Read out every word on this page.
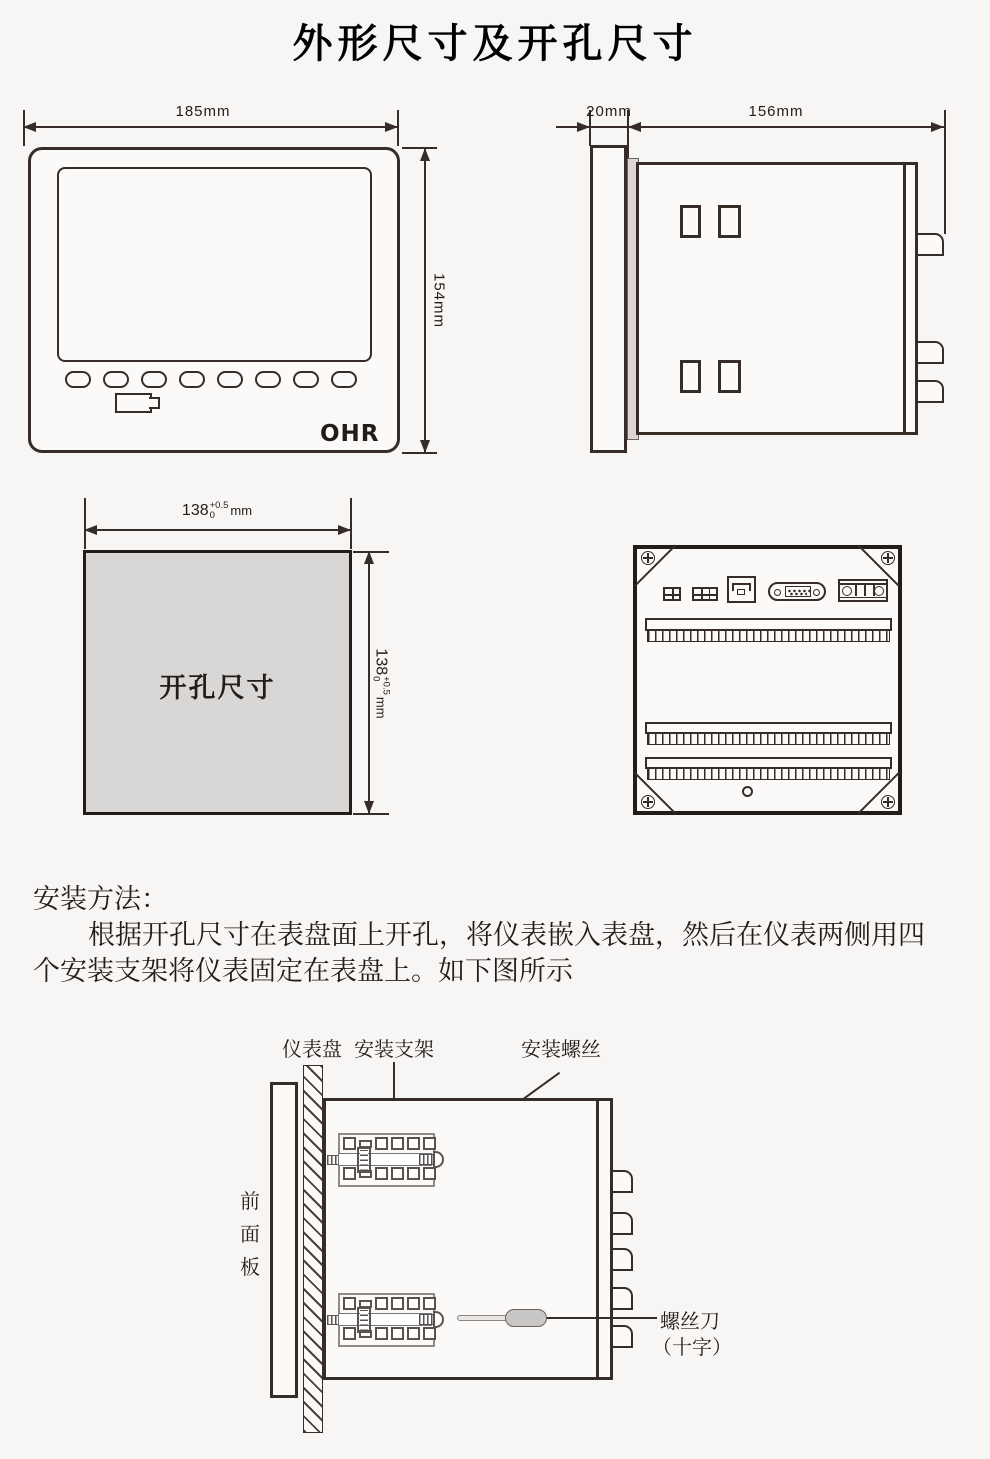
外形尺寸及开孔尺寸
OHR
185mm
154mm
20mm	156mm
开孔尺寸
138 +0.5
0	mm
138
+0.5
0
mm
安装方法：
根据开孔尺寸在表盘面上开孔，将仪表嵌入表盘，然后在仪表两侧用四
个安装支架将仪表固定在表盘上。如下图所示
仪表盘 安装支架	安装螺丝
前面板
螺丝刀
（十字）
